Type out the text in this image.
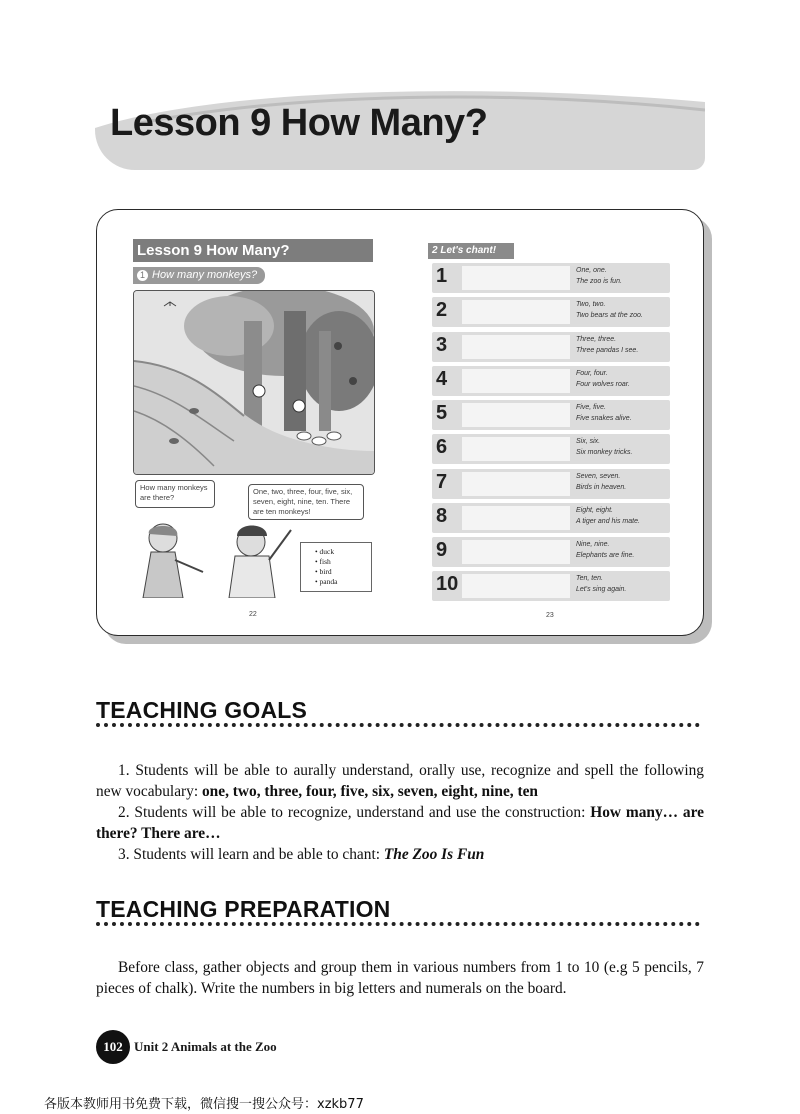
Lesson 9 How Many?
Lesson 9 How Many?
1 How many monkeys?
How many monkeys are there?
One, two, three, four, five, six, seven, eight, nine, ten. There are ten monkeys!
• duck
• fish
• bird
• panda
22
2 Let's chant!
1	One, one.
The zoo is fun.
2	Two, two.
Two bears at the zoo.
3	Three, three.
Three pandas I see.
4	Four, four.
Four wolves roar.
5	Five, five.
Five snakes alive.
6	Six, six.
Six monkey tricks.
7	Seven, seven.
Birds in heaven.
8	Eight, eight.
A tiger and his mate.
9	Nine, nine.
Elephants are fine.
10	Ten, ten.
Let's sing again.
23
TEACHING GOALS

1. Students will be able to aurally understand, orally use, recognize and spell the following new vocabulary: one, two, three, four, five, six, seven, eight, nine, ten

2. Students will be able to recognize, understand and use the construction: How many… are there? There are…

3. Students will learn and be able to chant: The Zoo Is Fun

TEACHING PREPARATION

Before class, gather objects and group them in various numbers from 1 to 10 (e.g 5 pencils, 7 pieces of chalk). Write the numbers in big letters and numerals on the board.

102 Unit 2 Animals at the Zoo
各版本教师用书免费下载，微信搜一搜公众号：xzkb77
